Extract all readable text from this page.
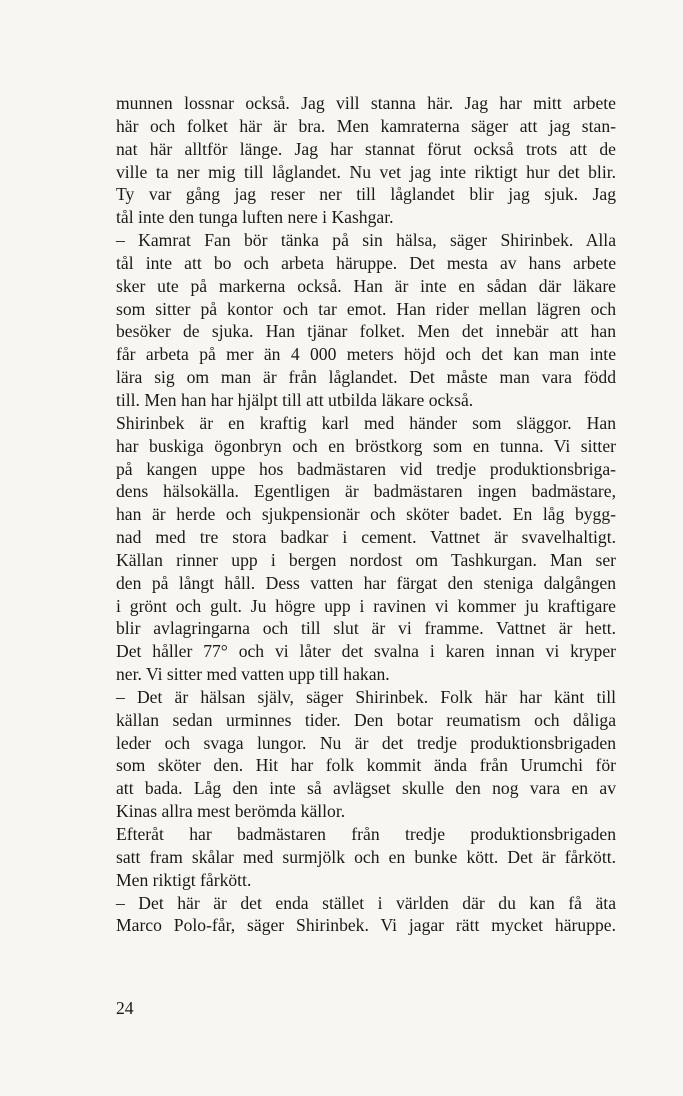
munnen lossnar också. Jag vill stanna här. Jag har mitt arbete
här och folket här är bra. Men kamraterna säger att jag stan-
nat här alltför länge. Jag har stannat förut också trots att de
ville ta ner mig till låglandet. Nu vet jag inte riktigt hur det blir.
Ty var gång jag reser ner till låglandet blir jag sjuk. Jag
tål inte den tunga luften nere i Kashgar.
– Kamrat Fan bör tänka på sin hälsa, säger Shirinbek. Alla
tål inte att bo och arbeta häruppe. Det mesta av hans arbete
sker ute på markerna också. Han är inte en sådan där läkare
som sitter på kontor och tar emot. Han rider mellan lägren och
besöker de sjuka. Han tjänar folket. Men det innebär att han
får arbeta på mer än 4 000 meters höjd och det kan man inte
lära sig om man är från låglandet. Det måste man vara född
till. Men han har hjälpt till att utbilda läkare också.
Shirinbek är en kraftig karl med händer som släggor. Han
har buskiga ögonbryn och en bröstkorg som en tunna. Vi sitter
på kangen uppe hos badmästaren vid tredje produktionsbriga-
dens hälsokälla. Egentligen är badmästaren ingen badmästare,
han är herde och sjukpensionär och sköter badet. En låg bygg-
nad med tre stora badkar i cement. Vattnet är svavelhaltigt.
Källan rinner upp i bergen nordost om Tashkurgan. Man ser
den på långt håll. Dess vatten har färgat den steniga dalgången
i grönt och gult. Ju högre upp i ravinen vi kommer ju kraftigare
blir avlagringarna och till slut är vi framme. Vattnet är hett.
Det håller 77° och vi låter det svalna i karen innan vi kryper
ner. Vi sitter med vatten upp till hakan.
– Det är hälsan själv, säger Shirinbek. Folk här har känt till
källan sedan urminnes tider. Den botar reumatism och dåliga
leder och svaga lungor. Nu är det tredje produktionsbrigaden
som sköter den. Hit har folk kommit ända från Urumchi för
att bada. Låg den inte så avlägset skulle den nog vara en av
Kinas allra mest berömda källor.
Efteråt har badmästaren från tredje produktionsbrigaden
satt fram skålar med surmjölk och en bunke kött. Det är fårkött.
Men riktigt fårkött.
– Det här är det enda stället i världen där du kan få äta
Marco Polo-får, säger Shirinbek. Vi jagar rätt mycket häruppe.
24
